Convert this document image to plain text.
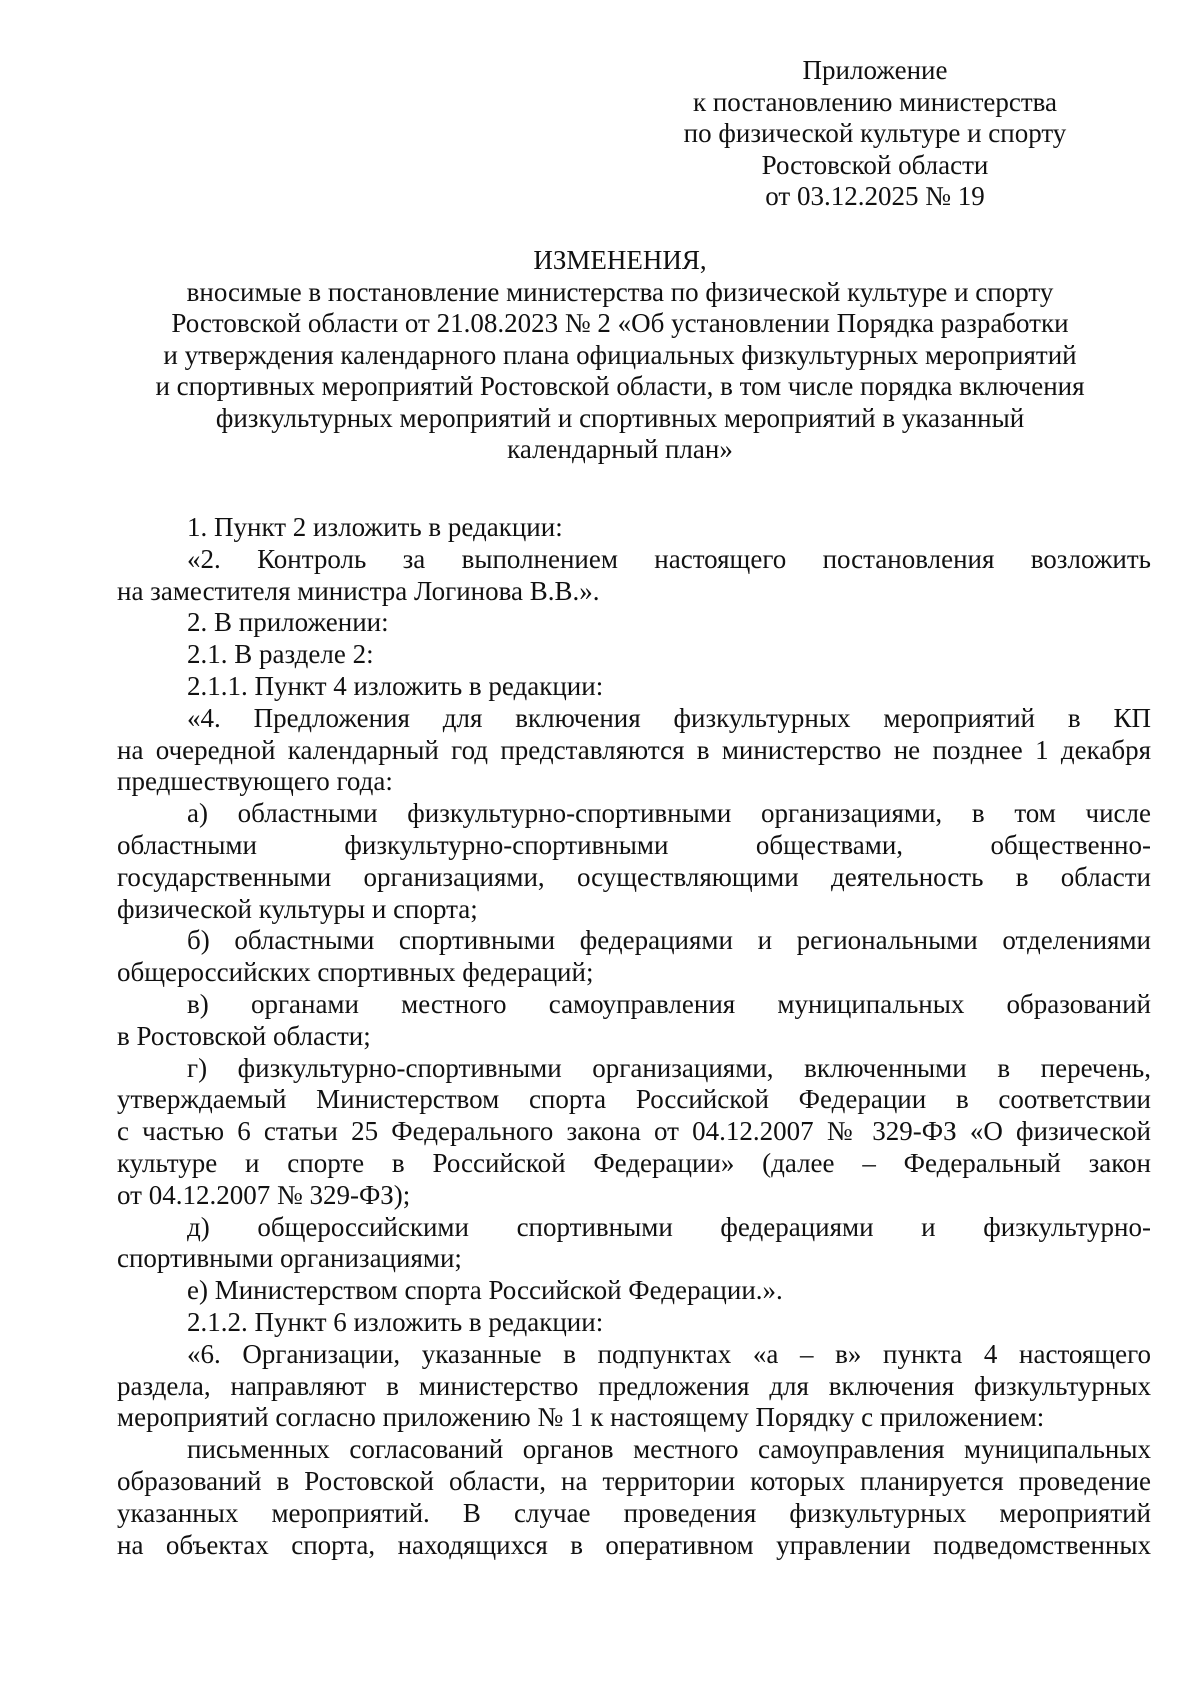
Приложение
к постановлению министерства
по физической культуре и спорту
Ростовской области
от 03.12.2025 № 19
ИЗМЕНЕНИЯ,
вносимые в постановление министерства по физической культуре и спорту
Ростовской области от 21.08.2023 № 2 «Об установлении Порядка разработки
и утверждения календарного плана официальных физкультурных мероприятий
и спортивных мероприятий Ростовской области, в том числе порядка включения
физкультурных мероприятий и спортивных мероприятий в указанный
календарный план»
1. Пункт 2 изложить в редакции:
«2. Контроль за выполнением настоящего постановления возложить
на заместителя министра Логинова В.В.».
2. В приложении:
2.1. В разделе 2:
2.1.1. Пункт 4 изложить в редакции:
«4. Предложения для включения физкультурных мероприятий в КП
на очередной календарный год представляются в министерство не позднее 1 декабря
предшествующего года:
а) областными физкультурно-спортивными организациями, в том числе
областными физкультурно-спортивными обществами, общественно-
государственными организациями, осуществляющими деятельность в области
физической культуры и спорта;
б) областными спортивными федерациями и региональными отделениями
общероссийских спортивных федераций;
в) органами местного самоуправления муниципальных образований
в Ростовской области;
г) физкультурно-спортивными организациями, включенными в перечень,
утверждаемый Министерством спорта Российской Федерации в соответствии
с частью 6 статьи 25 Федерального закона от 04.12.2007 № 329-ФЗ «О физической
культуре и спорте в Российской Федерации» (далее – Федеральный закон
от 04.12.2007 № 329-ФЗ);
д) общероссийскими спортивными федерациями и физкультурно-
спортивными организациями;
е) Министерством спорта Российской Федерации.».
2.1.2. Пункт 6 изложить в редакции:
«6. Организации, указанные в подпунктах «а – в» пункта 4 настоящего
раздела, направляют в министерство предложения для включения физкультурных
мероприятий согласно приложению № 1 к настоящему Порядку с приложением:
письменных согласований органов местного самоуправления муниципальных
образований в Ростовской области, на территории которых планируется проведение
указанных мероприятий. В случае проведения физкультурных мероприятий
на объектах спорта, находящихся в оперативном управлении подведомственных
